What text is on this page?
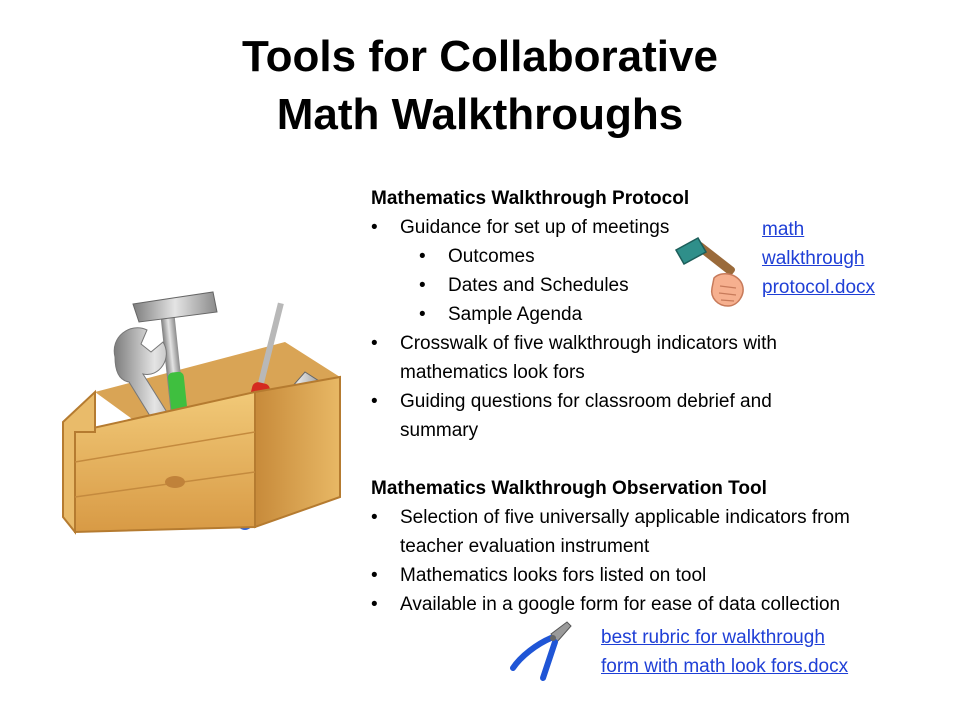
Tools for Collaborative
Math Walkthroughs
Mathematics Walkthrough Protocol
• Guidance for set up of meetings
• Outcomes
• Dates and Schedules
• Sample Agenda
• Crosswalk of five walkthrough indicators with mathematics look fors
• Guiding questions for classroom debrief and summary
Mathematics Walkthrough Observation Tool
• Selection of five universally applicable indicators from teacher evaluation instrument
• Mathematics looks fors listed on tool
• Available in a google form for ease of data collection
math
walkthrough
protocol.docx
best rubric for walkthrough
form with math look fors.docx
